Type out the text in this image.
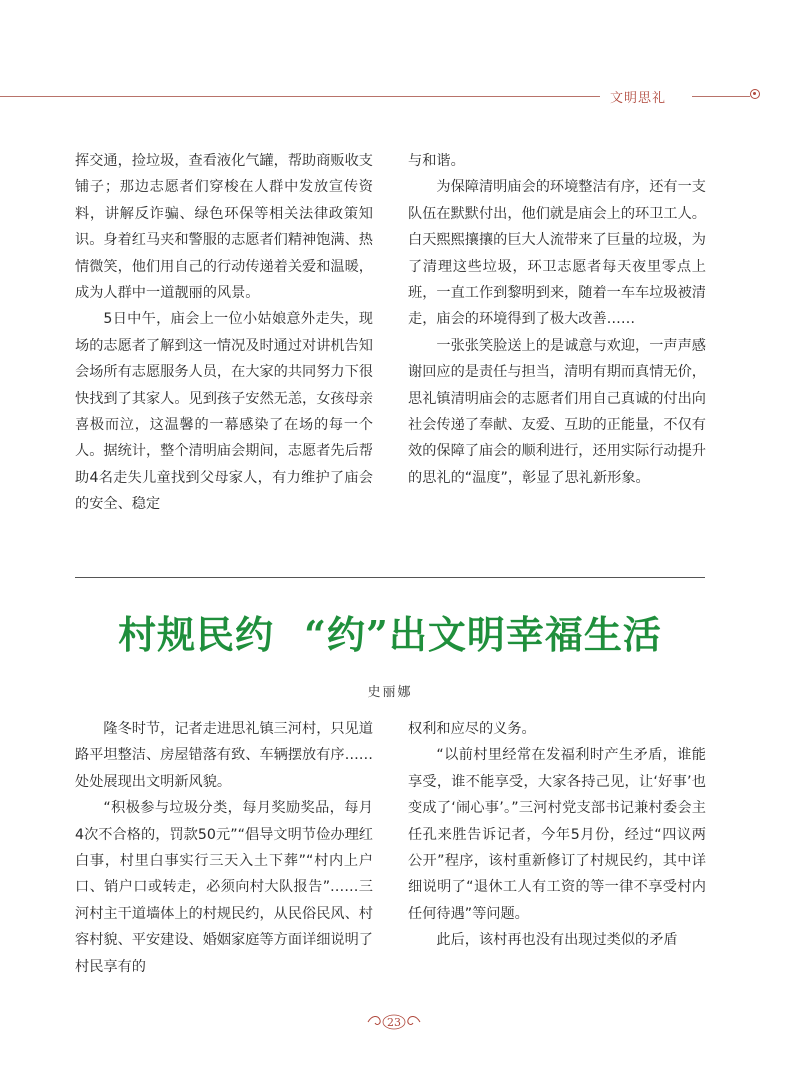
文明思礼

挥交通，捡垃圾，查看液化气罐，帮助商贩收支铺子；那边志愿者们穿梭在人群中发放宣传资料，讲解反诈骗、绿色环保等相关法律政策知识。身着红马夹和警服的志愿者们精神饱满、热情微笑，他们用自己的行动传递着关爱和温暖，成为人群中一道靓丽的风景。

5日中午，庙会上一位小姑娘意外走失，现场的志愿者了解到这一情况及时通过对讲机告知会场所有志愿服务人员，在大家的共同努力下很快找到了其家人。见到孩子安然无恙，女孩母亲喜极而泣，这温馨的一幕感染了在场的每一个人。据统计，整个清明庙会期间，志愿者先后帮助4名走失儿童找到父母家人，有力维护了庙会的安全、稳定

与和谐。

为保障清明庙会的环境整洁有序，还有一支队伍在默默付出，他们就是庙会上的环卫工人。白天熙熙攘攘的巨大人流带来了巨量的垃圾，为了清理这些垃圾，环卫志愿者每天夜里零点上班，一直工作到黎明到来，随着一车车垃圾被清走，庙会的环境得到了极大改善……

一张张笑脸送上的是诚意与欢迎，一声声感谢回应的是责任与担当，清明有期而真情无价，思礼镇清明庙会的志愿者们用自己真诚的付出向社会传递了奉献、友爱、互助的正能量，不仅有效的保障了庙会的顺利进行，还用实际行动提升的思礼的“温度”，彰显了思礼新形象。

村规民约 “约”出文明幸福生活
史丽娜

隆冬时节，记者走进思礼镇三河村，只见道路平坦整洁、房屋错落有致、车辆摆放有序……处处展现出文明新风貌。

“积极参与垃圾分类，每月奖励奖品，每月4次不合格的，罚款50元”“倡导文明节俭办理红白事，村里白事实行三天入土下葬”“村内上户口、销户口或转走，必须向村大队报告”……三河村主干道墙体上的村规民约，从民俗民风、村容村貌、平安建设、婚姻家庭等方面详细说明了村民享有的

权利和应尽的义务。

“以前村里经常在发福利时产生矛盾，谁能享受，谁不能享受，大家各持己见，让‘好事’也变成了‘闹心事’。”三河村党支部书记兼村委会主任孔来胜告诉记者，今年5月份，经过“四议两公开”程序，该村重新修订了村规民约，其中详细说明了“退休工人有工资的等一律不享受村内任何待遇”等问题。

此后，该村再也没有出现过类似的矛盾

23
